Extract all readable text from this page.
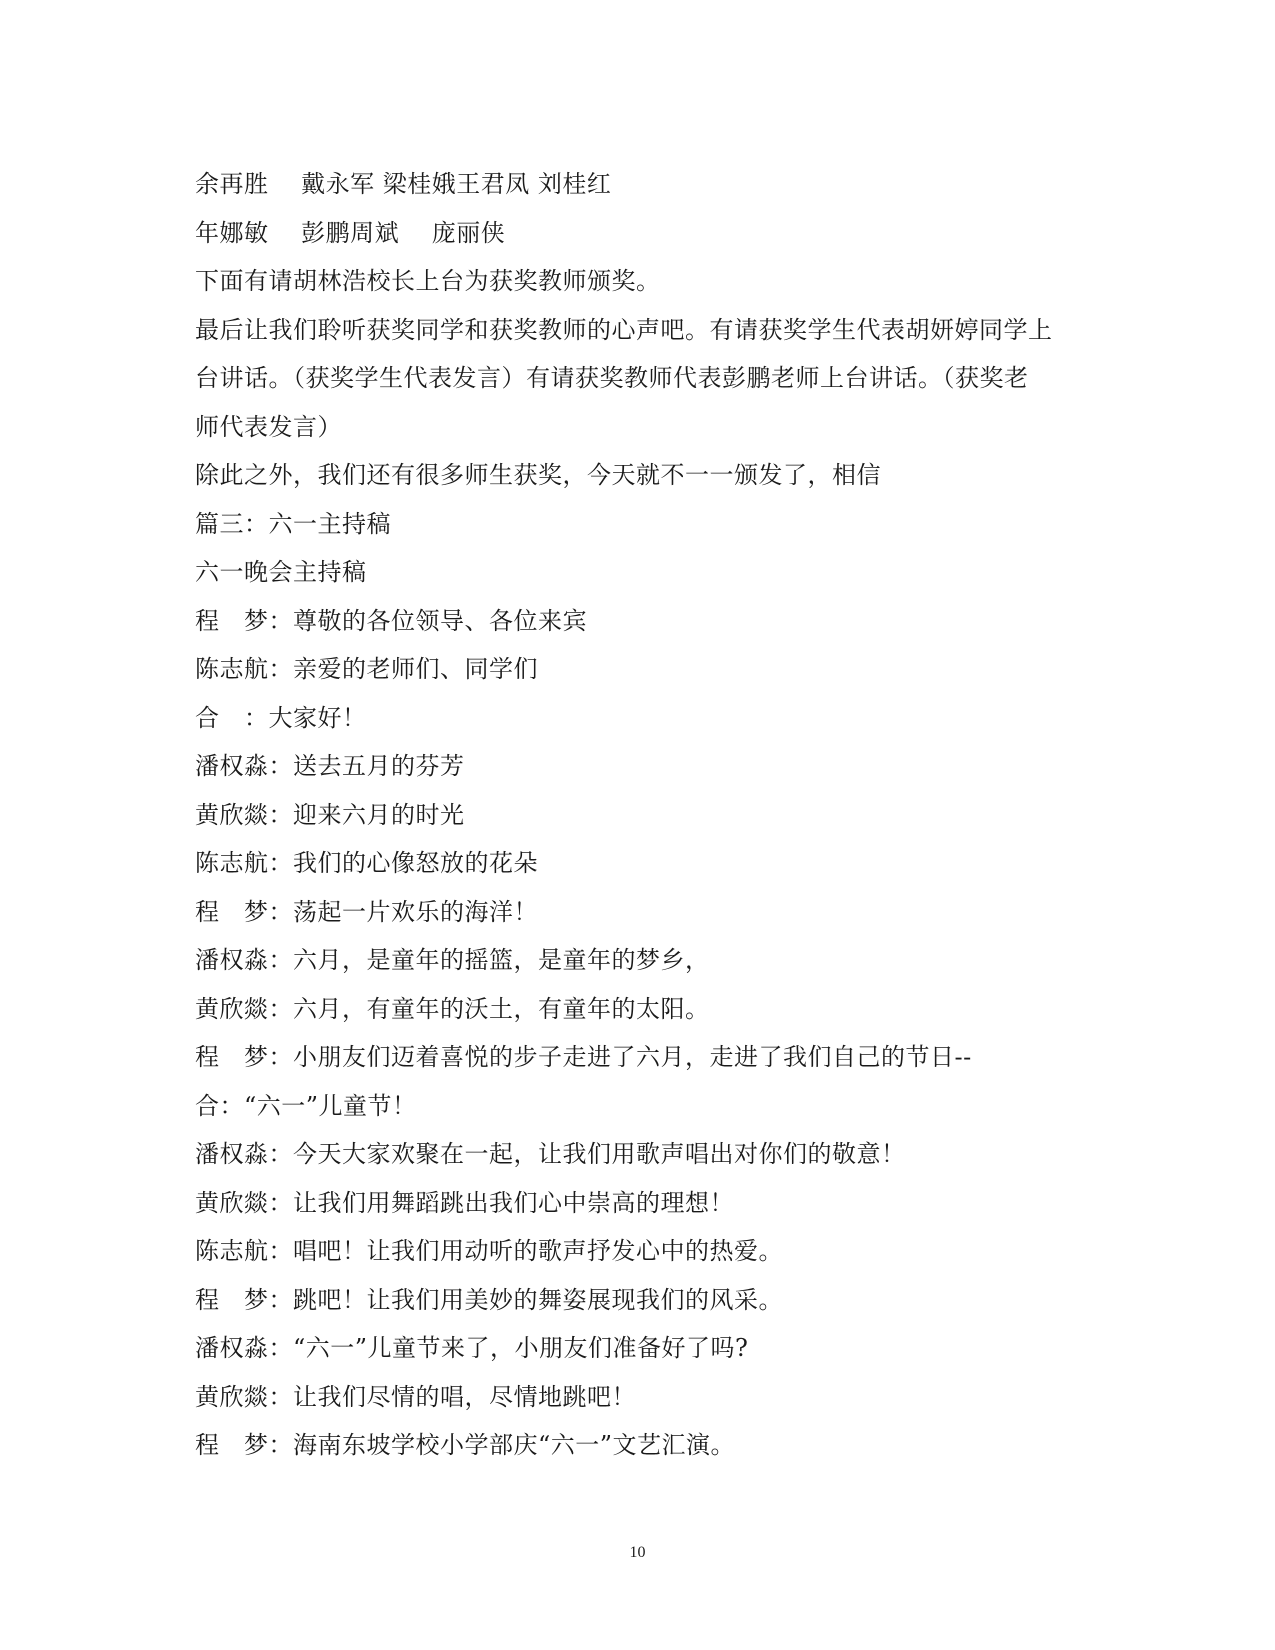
余再胜　 戴永军 梁桂娥王君凤 刘桂红
年娜敏　 彭鹏周斌　 庞丽侠
下面有请胡林浩校长上台为获奖教师颁奖。
最后让我们聆听获奖同学和获奖教师的心声吧。有请获奖学生代表胡妍婷同学上
台讲话。（获奖学生代表发言）有请获奖教师代表彭鹏老师上台讲话。（获奖老
师代表发言）
除此之外，我们还有很多师生获奖，今天就不一一颁发了，相信
篇三：六一主持稿
六一晚会主持稿
程　梦：尊敬的各位领导、各位来宾
陈志航：亲爱的老师们、同学们
合　：大家好！
潘权淼：送去五月的芬芳
黄欣燚：迎来六月的时光
陈志航：我们的心像怒放的花朵
程　梦：荡起一片欢乐的海洋！
潘权淼：六月，是童年的摇篮，是童年的梦乡，
黄欣燚：六月，有童年的沃土，有童年的太阳。
程　梦：小朋友们迈着喜悦的步子走进了六月，走进了我们自己的节日--
合：“六一”儿童节！
潘权淼：今天大家欢聚在一起，让我们用歌声唱出对你们的敬意！
黄欣燚：让我们用舞蹈跳出我们心中崇高的理想！
陈志航：唱吧！让我们用动听的歌声抒发心中的热爱。
程　梦：跳吧！让我们用美妙的舞姿展现我们的风采。
潘权淼：“六一”儿童节来了，小朋友们准备好了吗?
黄欣燚：让我们尽情的唱，尽情地跳吧！
程　梦：海南东坡学校小学部庆“六一”文艺汇演。
10
